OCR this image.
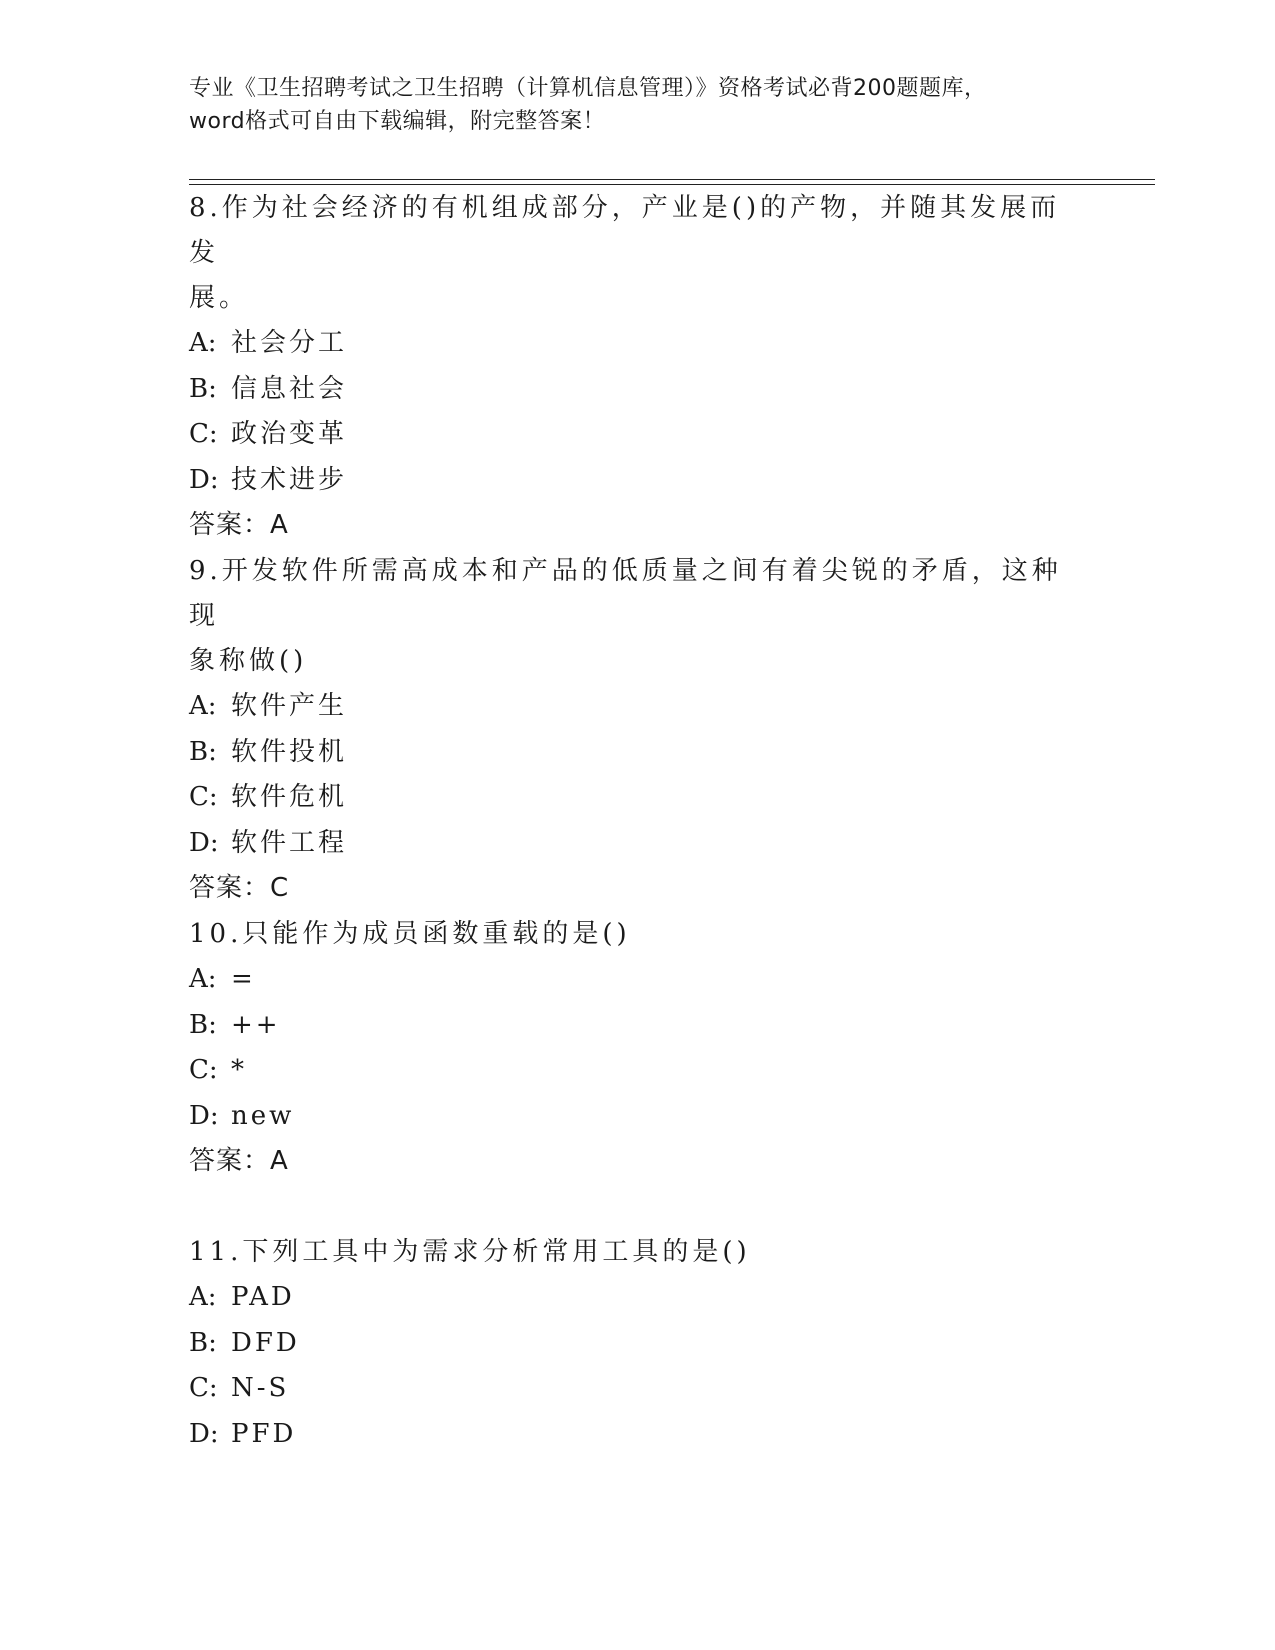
专业《卫生招聘考试之卫生招聘（计算机信息管理）》资格考试必背200题题库，
word格式可自由下载编辑，附完整答案！
8.作为社会经济的有机组成部分，产业是()的产物，并随其发展而发
展。
A: 社会分工
B: 信息社会
C: 政治变革
D: 技术进步
答案：A
9.开发软件所需高成本和产品的低质量之间有着尖锐的矛盾，这种现
象称做()
A: 软件产生
B: 软件投机
C: 软件危机
D: 软件工程
答案：C
10.只能作为成员函数重载的是()
A: =
B: ++
C: *
D: new
答案：A
11.下列工具中为需求分析常用工具的是()
A: PAD
B: DFD
C: N-S
D: PFD
